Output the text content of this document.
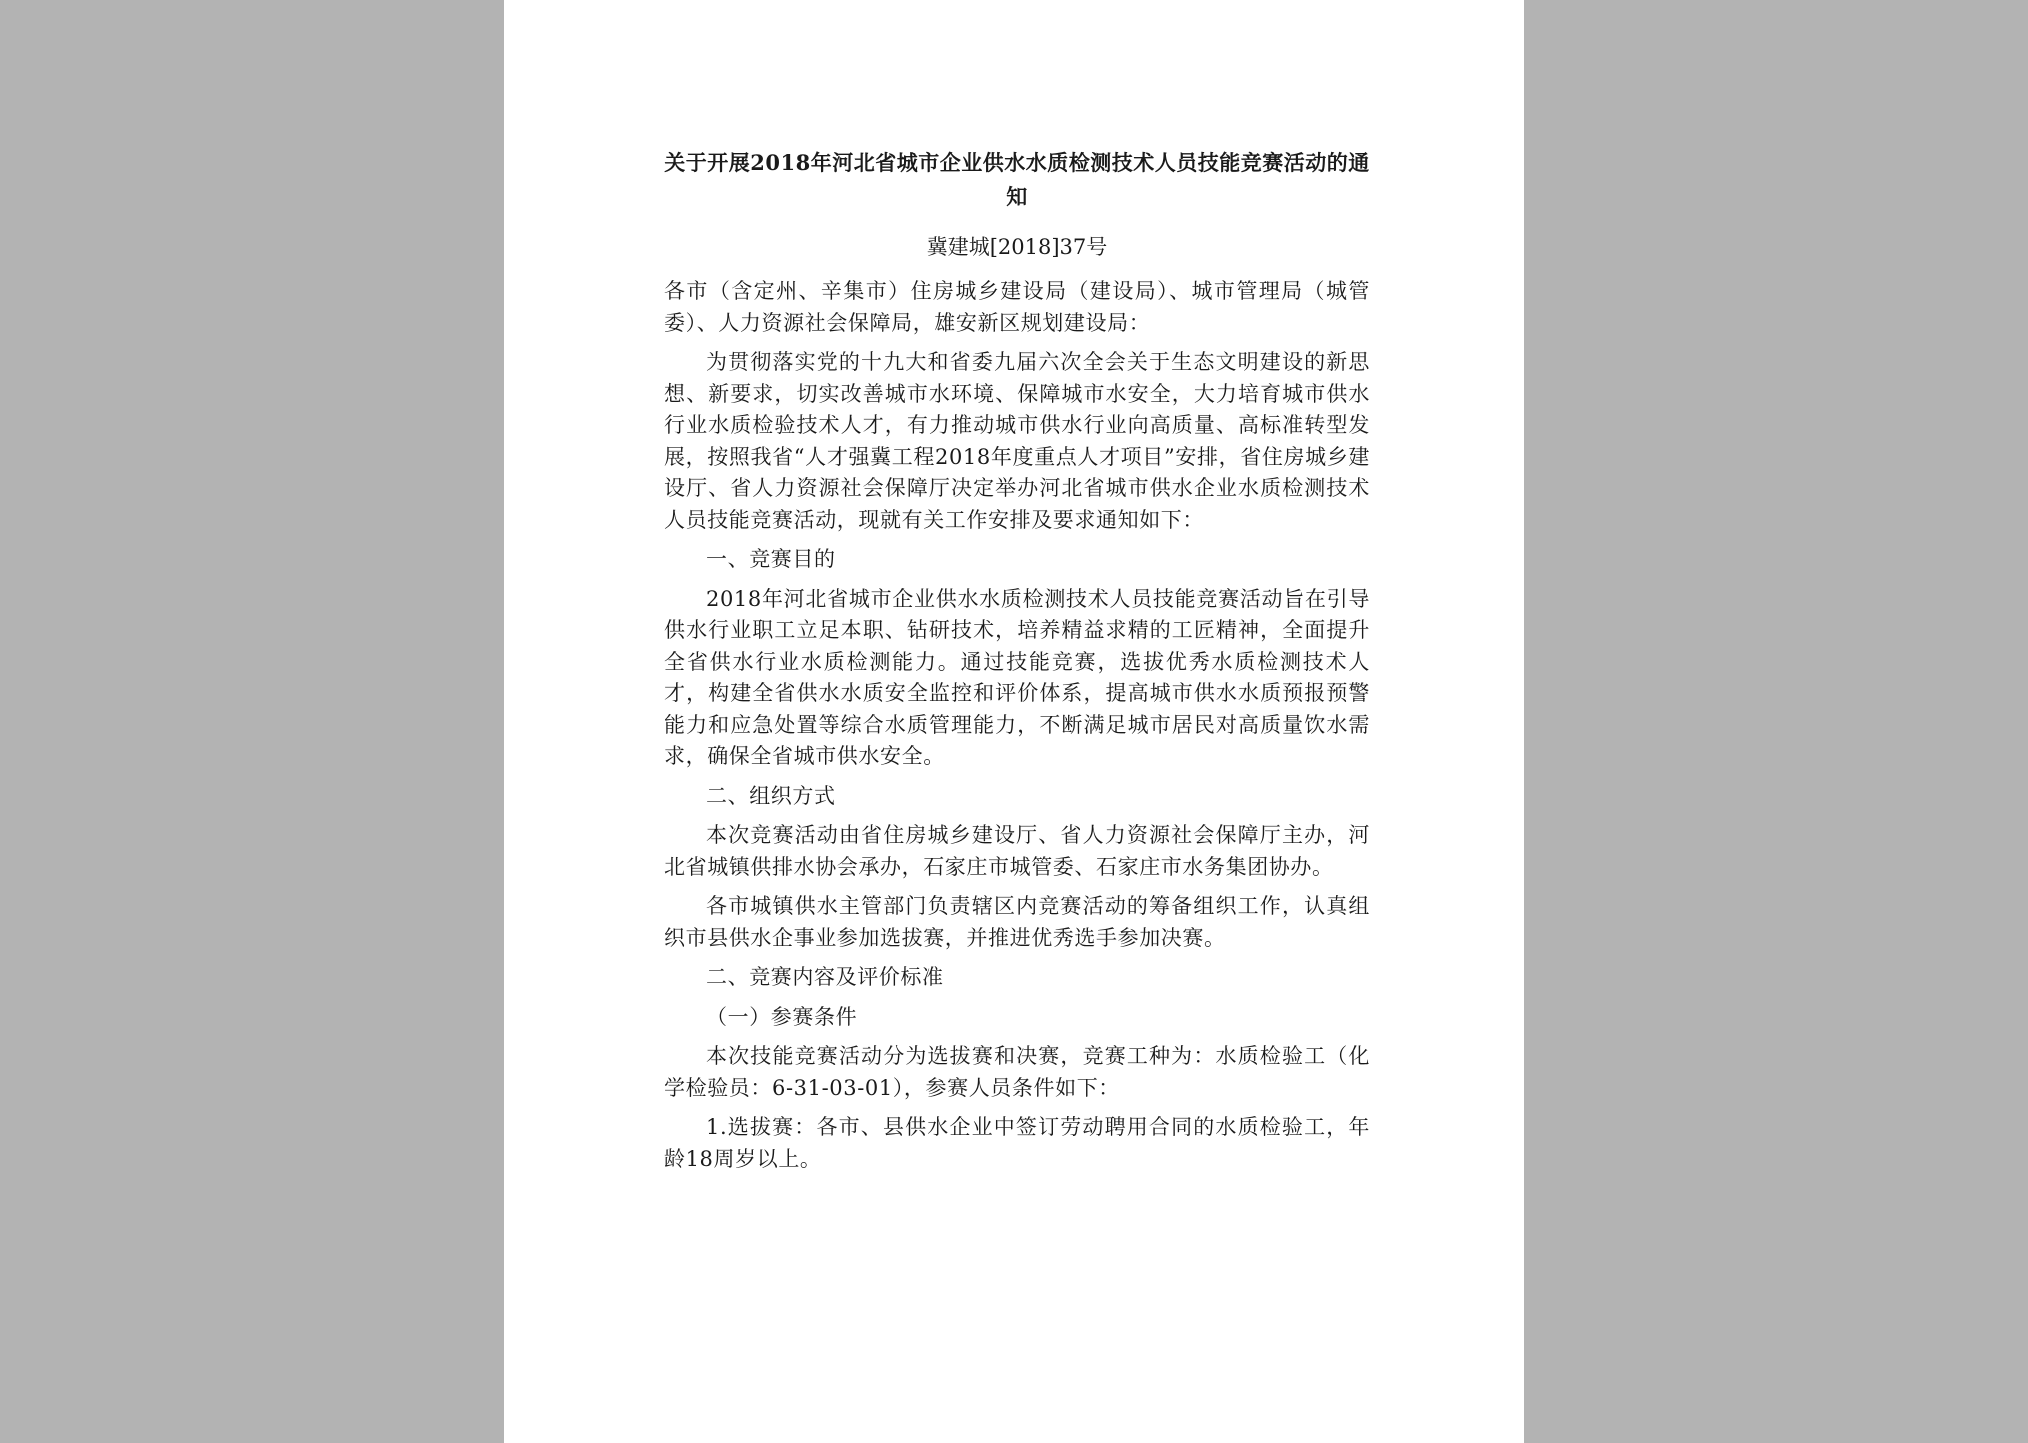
关于开展2018年河北省城市企业供水水质检测技术人员技能竞赛活动的通知
冀建城[2018]37号

各市（含定州、辛集市）住房城乡建设局（建设局）、城市管理局（城管委）、人力资源社会保障局，雄安新区规划建设局：

为贯彻落实党的十九大和省委九届六次全会关于生态文明建设的新思想、新要求，切实改善城市水环境、保障城市水安全，大力培育城市供水行业水质检验技术人才，有力推动城市供水行业向高质量、高标准转型发展，按照我省“人才强冀工程2018年度重点人才项目”安排，省住房城乡建设厅、省人力资源社会保障厅决定举办河北省城市供水企业水质检测技术人员技能竞赛活动，现就有关工作安排及要求通知如下：

一、竞赛目的

2018年河北省城市企业供水水质检测技术人员技能竞赛活动旨在引导供水行业职工立足本职、钻研技术，培养精益求精的工匠精神，全面提升全省供水行业水质检测能力。通过技能竞赛，选拔优秀水质检测技术人才，构建全省供水水质安全监控和评价体系，提高城市供水水质预报预警能力和应急处置等综合水质管理能力，不断满足城市居民对高质量饮水需求，确保全省城市供水安全。

二、组织方式

本次竞赛活动由省住房城乡建设厅、省人力资源社会保障厅主办，河北省城镇供排水协会承办，石家庄市城管委、石家庄市水务集团协办。

各市城镇供水主管部门负责辖区内竞赛活动的筹备组织工作，认真组织市县供水企事业参加选拔赛，并推进优秀选手参加决赛。

二、竞赛内容及评价标准

（一）参赛条件

本次技能竞赛活动分为选拔赛和决赛，竞赛工种为：水质检验工（化学检验员：6-31-03-01），参赛人员条件如下：

1.选拔赛：各市、县供水企业中签订劳动聘用合同的水质检验工，年龄18周岁以上。
